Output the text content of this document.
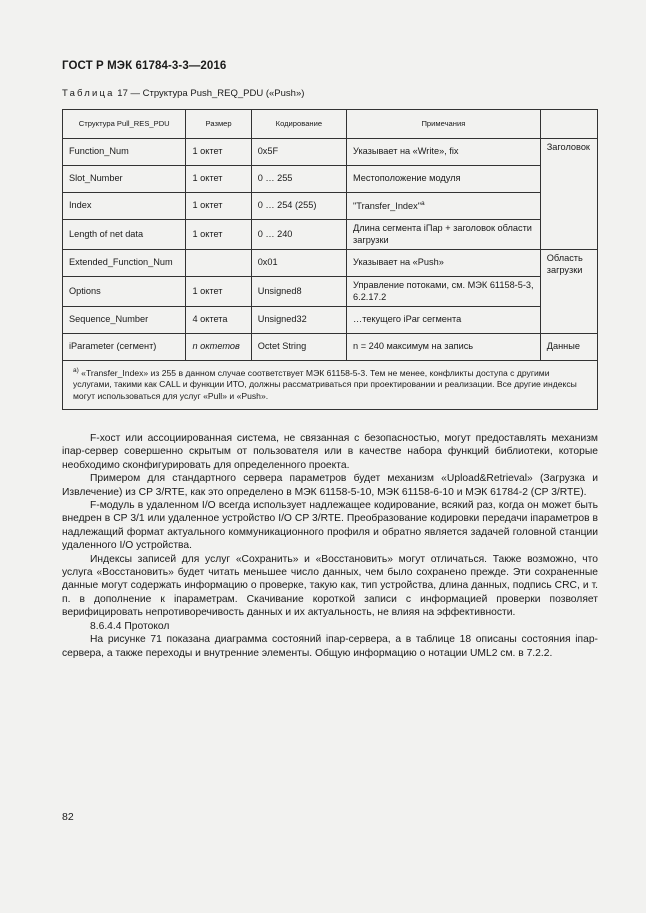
ГОСТ Р МЭК 61784-3-3—2016
Таблица 17 — Структура Push_REQ_PDU («Push»)
Структура Pull_RES_PDU	Размер	Кодирование	Примечания	
Function_Num	1 октет	0x5F	Указывает на «Write», fix	Заголовок
Slot_Number	1 октет	0 … 255	Местоположение модуля	
Index	1 октет	0 … 254 (255)	"Transfer_Index"$^a$
Length of net data	1 октет	0 … 240	Длина сегмента iПар + заголовок области загрузки	
Extended_Function_Num		0x01	Указывает на «Push»	Область загрузки
Options	1 октет	Unsigned8	Управление потоками, см. МЭК 61158-5-3, 6.2.17.2	
Sequence_Number	4 октета	Unsigned32	…текущего iPar сегмента	
iParameter (сегмент)	n октетов	Octet String	n = 240 максимум на запись	Данные
$^{a)}$ «Transfer_Index» из 255 в данном случае соответствует МЭК 61158-5-3. Тем не менее, конфликты доступа с другими услугами, такими как CALL и функции ИТО, должны рассматриваться при проектировании и реализации. Все другие индексы могут использоваться для услуг «Pull» и «Push».				

F-хост или ассоциированная система, не связанная с безопасностью, могут предоставлять механизм iпар-сервер совершенно скрытым от пользователя или в качестве набора функций библиотеки, которые необходимо сконфигурировать для определенного проекта.

Примером для стандартного сервера параметров будет механизм «Upload&Retrieval» (Загрузка и Извлечение) из CP 3/RTE, как это определено в МЭК 61158-5-10, МЭК 61158-6-10 и МЭК 61784-2 (CP 3/RTE).

F-модуль в удаленном I/O всегда использует надлежащее кодирование, всякий раз, когда он может быть внедрен в CP 3/1 или удаленное устройство I/O CP 3/RTE. Преобразование кодировки передачи iпараметров в надлежащий формат актуального коммуникационного профиля и обратно является задачей головной станции удаленного I/O устройства.

Индексы записей для услуг «Сохранить» и «Восстановить» могут отличаться. Также возможно, что услуга «Восстановить» будет читать меньшее число данных, чем было сохранено прежде. Эти сохраненные данные могут содержать информацию о проверке, такую как, тип устройства, длина данных, подпись CRC, и т. п. в дополнение к iпараметрам. Скачивание короткой записи с информацией проверки позволяет верифицировать непротиворечивость данных и их актуальность, не влияя на эффективности.

8.6.4.4 Протокол

На рисунке 71 показана диаграмма состояний iпар-сервера, а в таблице 18 описаны состояния iпар-сервера, а также переходы и внутренние элементы. Общую информацию о нотации UML2 см. в 7.2.2.

82
